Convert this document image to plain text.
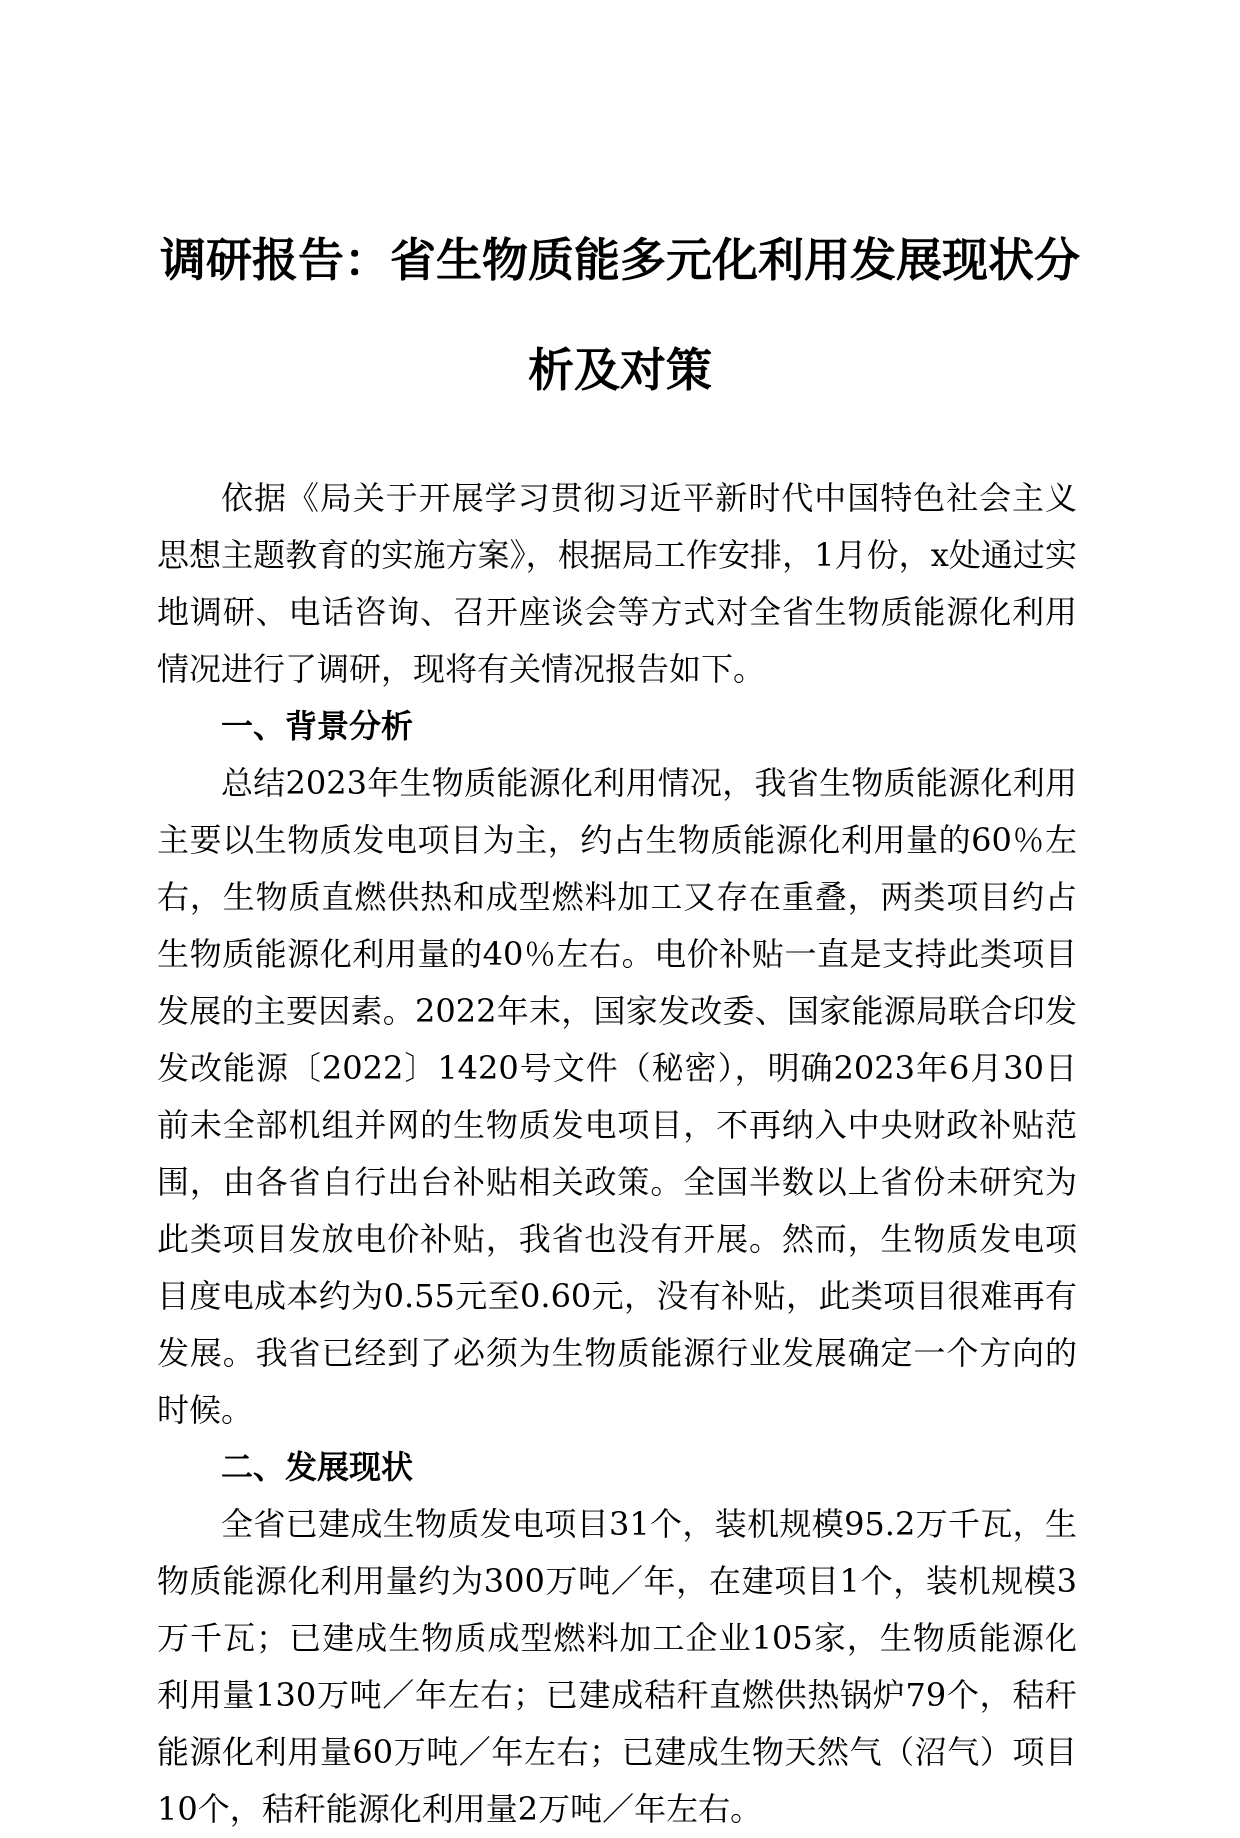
调研报告：省生物质能多元化利用发展现状分析及对策

依据《局关于开展学习贯彻习近平新时代中国特色社会主义思想主题教育的实施方案》，根据局工作安排，1月份，x处通过实地调研、电话咨询、召开座谈会等方式对全省生物质能源化利用情况进行了调研，现将有关情况报告如下。

一、背景分析

总结2023年生物质能源化利用情况，我省生物质能源化利用主要以生物质发电项目为主，约占生物质能源化利用量的60％左右，生物质直燃供热和成型燃料加工又存在重叠，两类项目约占生物质能源化利用量的40％左右。电价补贴一直是支持此类项目发展的主要因素。2022年末，国家发改委、国家能源局联合印发发改能源〔2022〕1420号文件（秘密），明确2023年6月30日前未全部机组并网的生物质发电项目，不再纳入中央财政补贴范围，由各省自行出台补贴相关政策。全国半数以上省份未研究为此类项目发放电价补贴，我省也没有开展。然而，生物质发电项目度电成本约为0.55元至0.60元，没有补贴，此类项目很难再有发展。我省已经到了必须为生物质能源行业发展确定一个方向的时候。

二、发展现状

全省已建成生物质发电项目31个，装机规模95.2万千瓦，生物质能源化利用量约为300万吨／年，在建项目1个，装机规模3万千瓦；已建成生物质成型燃料加工企业105家，生物质能源化利用量130万吨／年左右；已建成秸秆直燃供热锅炉79个，秸秆能源化利用量60万吨／年左右；已建成生物天然气（沼气）项目10个，秸秆能源化利用量2万吨／年左右。
